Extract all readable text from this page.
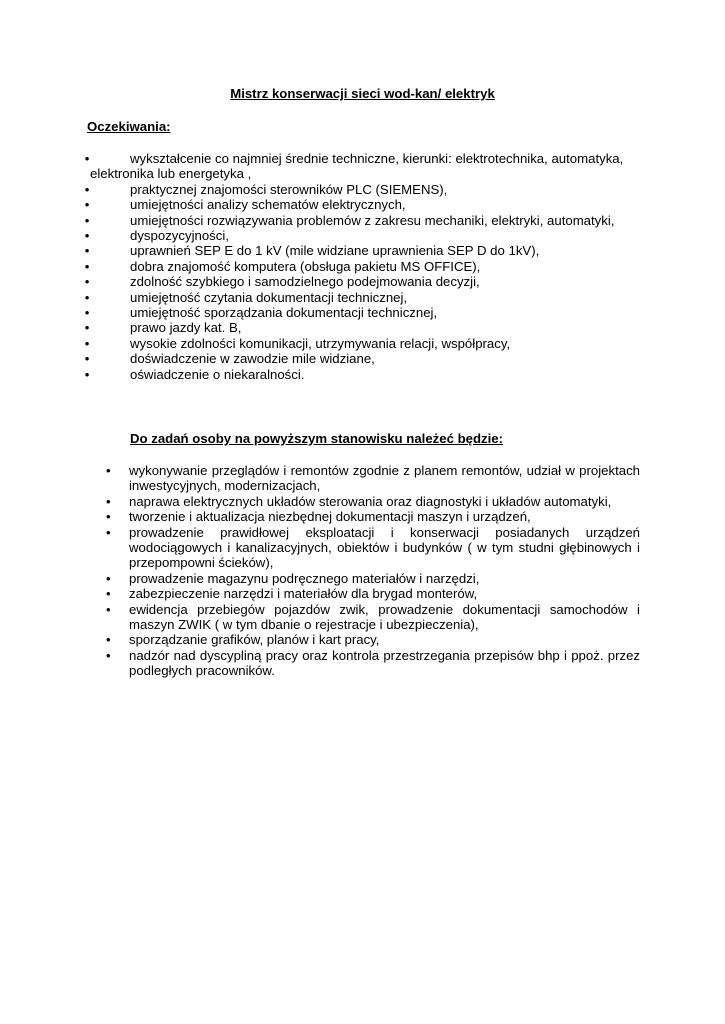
Mistrz konserwacji sieci wod-kan/ elektryk
Oczekiwania:
•	wykształcenie co najmniej średnie techniczne, kierunki: elektrotechnika, automatyka,
elektronika lub energetyka ,
•	praktycznej znajomości sterowników PLC (SIEMENS),
•	umiejętności analizy schematów elektrycznych,
•	umiejętności rozwiązywania problemów z zakresu mechaniki, elektryki, automatyki,
•	dyspozycyjności,
•	uprawnień SEP E do 1 kV (mile widziane uprawnienia SEP D do 1kV),
•	dobra znajomość komputera (obsługa pakietu MS OFFICE),
•	zdolność szybkiego i samodzielnego podejmowania decyzji,
•	umiejętność czytania dokumentacji technicznej,
•	umiejętność sporządzania dokumentacji technicznej,
•	prawo jazdy kat. B,
•	wysokie zdolności komunikacji, utrzymywania relacji, współpracy,
•	doświadczenie w zawodzie mile widziane,
•	oświadczenie o niekaralności.
Do zadań osoby na powyższym stanowisku należeć będzie:
•	wykonywanie przeglądów i remontów zgodnie z planem remontów, udział w projektach inwestycyjnych, modernizacjach,
•	naprawa elektrycznych układów sterowania oraz diagnostyki i układów automatyki,
•	tworzenie i aktualizacja niezbędnej dokumentacji maszyn i urządzeń,
•	prowadzenie prawidłowej eksploatacji i konserwacji posiadanych urządzeń wodociągowych i kanalizacyjnych, obiektów i budynków ( w tym studni głębinowych i przepompowni ścieków),
•	prowadzenie magazynu podręcznego materiałów i narzędzi,
•	zabezpieczenie narzędzi i materiałów dla brygad monterów,
•	ewidencja przebiegów pojazdów zwik, prowadzenie dokumentacji samochodów i maszyn ZWIK ( w tym dbanie o rejestracje i ubezpieczenia),
•	sporządzanie grafików, planów i kart pracy,
•	nadzór nad dyscypliną pracy oraz kontrola przestrzegania przepisów bhp i ppoż. przez podległych pracowników.
